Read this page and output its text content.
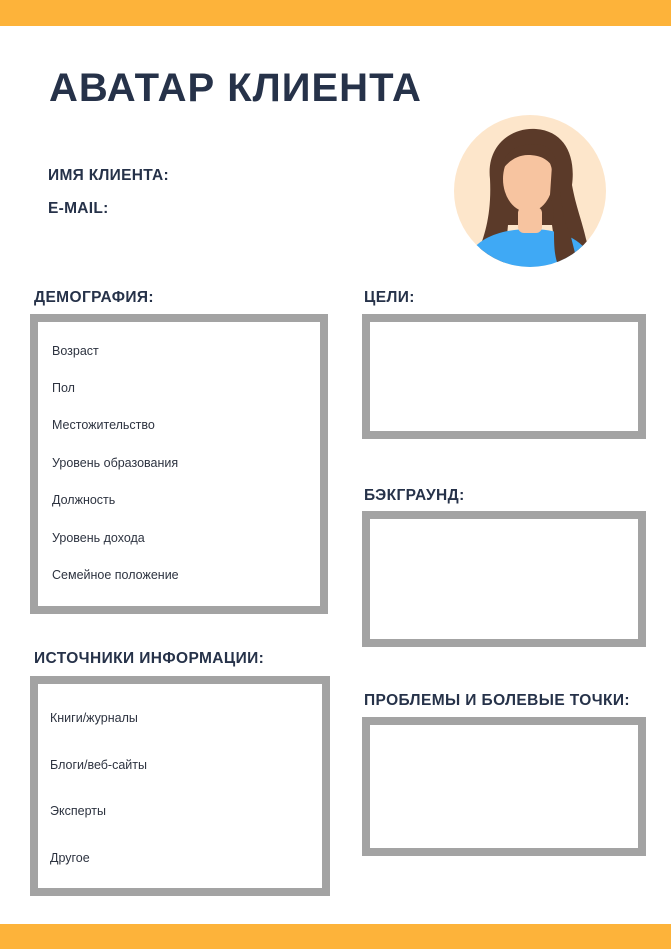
АВАТАР КЛИЕНТА
ИМЯ КЛИЕНТА:
E-MAIL:
ДЕМОГРАФИЯ:
Возраст
Пол
Местожительство
Уровень образования
Должность
Уровень дохода
Семейное положение
ЦЕЛИ:
БЭКГРАУНД:
ИСТОЧНИКИ ИНФОРМАЦИИ:
Книги/журналы
Блоги/веб-сайты
Эксперты
Другое
ПРОБЛЕМЫ И БОЛЕВЫЕ ТОЧКИ:
